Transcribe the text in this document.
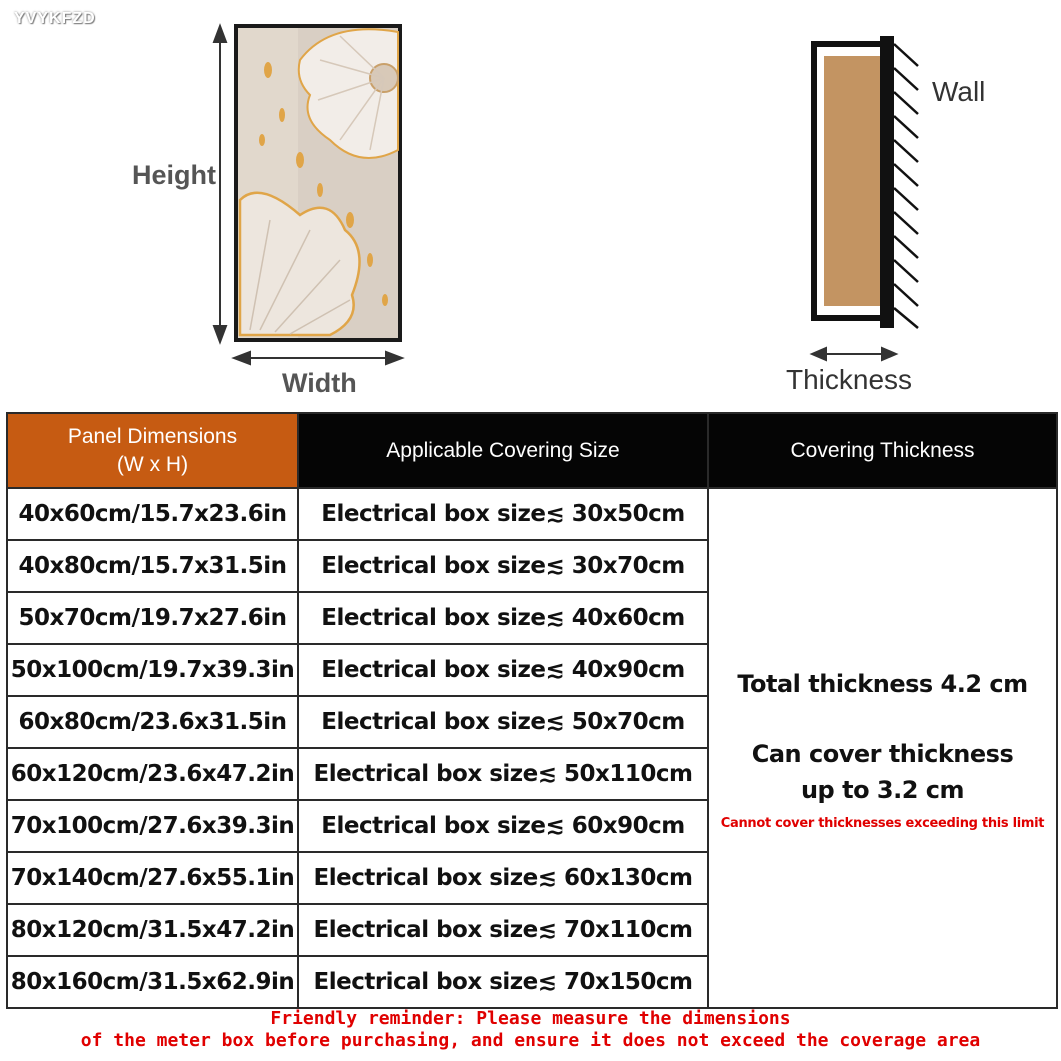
YVYKFZD
Height
Width
Wall
Thickness
Panel Dimensions
(W x H)	Applicable Covering Size	Covering Thickness
40x60cm/15.7x23.6in	Electrical box size≲ 30x50cm	Total thickness 4.2 cm
Can cover thickness
up to 3.2 cm
Cannot cover thicknesses exceeding this limit

40x80cm/15.7x31.5in	Electrical box size≲ 30x70cm	
50x70cm/19.7x27.6in	Electrical box size≲ 40x60cm	
50x100cm/19.7x39.3in	Electrical box size≲ 40x90cm	
60x80cm/23.6x31.5in	Electrical box size≲ 50x70cm	
60x120cm/23.6x47.2in	Electrical box size≲ 50x110cm	
70x100cm/27.6x39.3in	Electrical box size≲ 60x90cm	
70x140cm/27.6x55.1in	Electrical box size≲ 60x130cm	
80x120cm/31.5x47.2in	Electrical box size≲ 70x110cm	
80x160cm/31.5x62.9in	Electrical box size≲ 70x150cm	
Friendly reminder: Please measure the dimensions
of the meter box before purchasing, and ensure it does not exceed the coverage area
